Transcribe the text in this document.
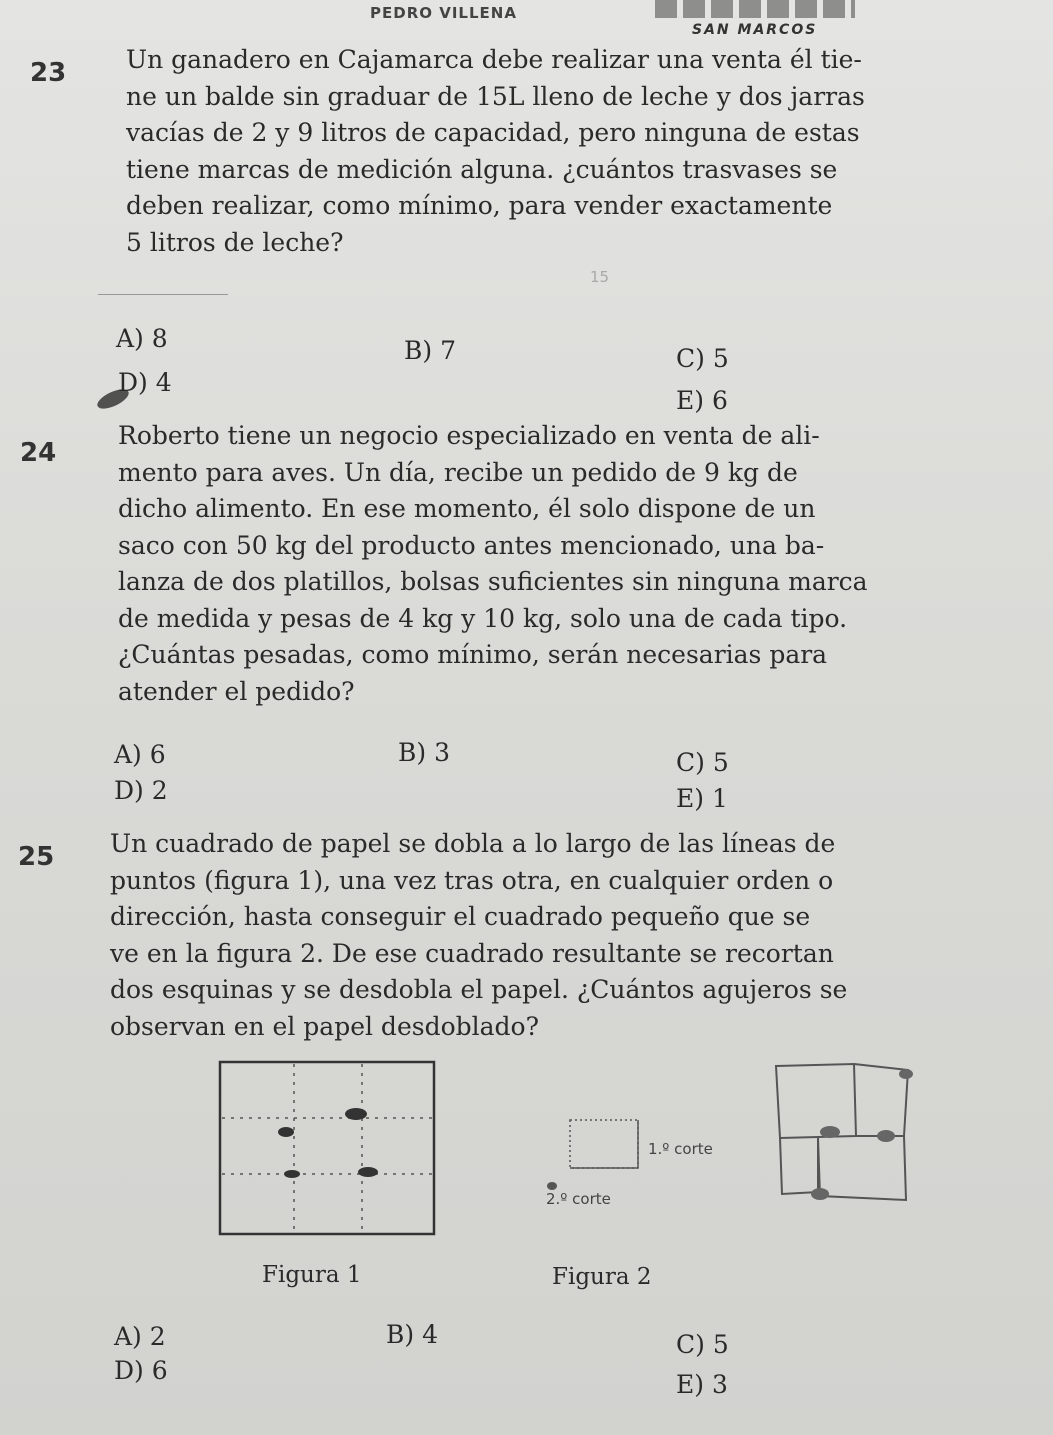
PEDRO VILLENA
SAN MARCOS
23 Un ganadero en Cajamarca debe realizar una venta él tie-
ne un balde sin graduar de 15L lleno de leche y dos jarras
vacías de 2 y 9 litros de capacidad, pero ninguna de estas
tiene marcas de medición alguna. ¿cuántos trasvases se
deben realizar, como mínimo, para vender exactamente
5 litros de leche?
15
A) 8	B) 7	C) 5
D) 4
E) 6
24
Roberto tiene un negocio especializado en venta de ali-
mento para aves. Un día, recibe un pedido de 9 kg de
dicho alimento. En ese momento, él solo dispone de un
saco con 50 kg del producto antes mencionado, una ba-
lanza de dos platillos, bolsas suficientes sin ninguna marca
de medida y pesas de 4 kg y 10 kg, solo una de cada tipo.
¿Cuántas pesadas, como mínimo, serán necesarias para
atender el pedido?
A) 6	B) 3	C) 5
D) 2	E) 1
25 Un cuadrado de papel se dobla a lo largo de las líneas de
puntos (figura 1), una vez tras otra, en cualquier orden o
dirección, hasta conseguir el cuadrado pequeño que se
ve en la figura 2. De ese cuadrado resultante se recortan
dos esquinas y se desdobla el papel. ¿Cuántos agujeros se
observan en el papel desdoblado?
1.º corte
2.º corte
Figura 1	Figura 2
A) 2	B) 4	C) 5
D) 6	E) 3
